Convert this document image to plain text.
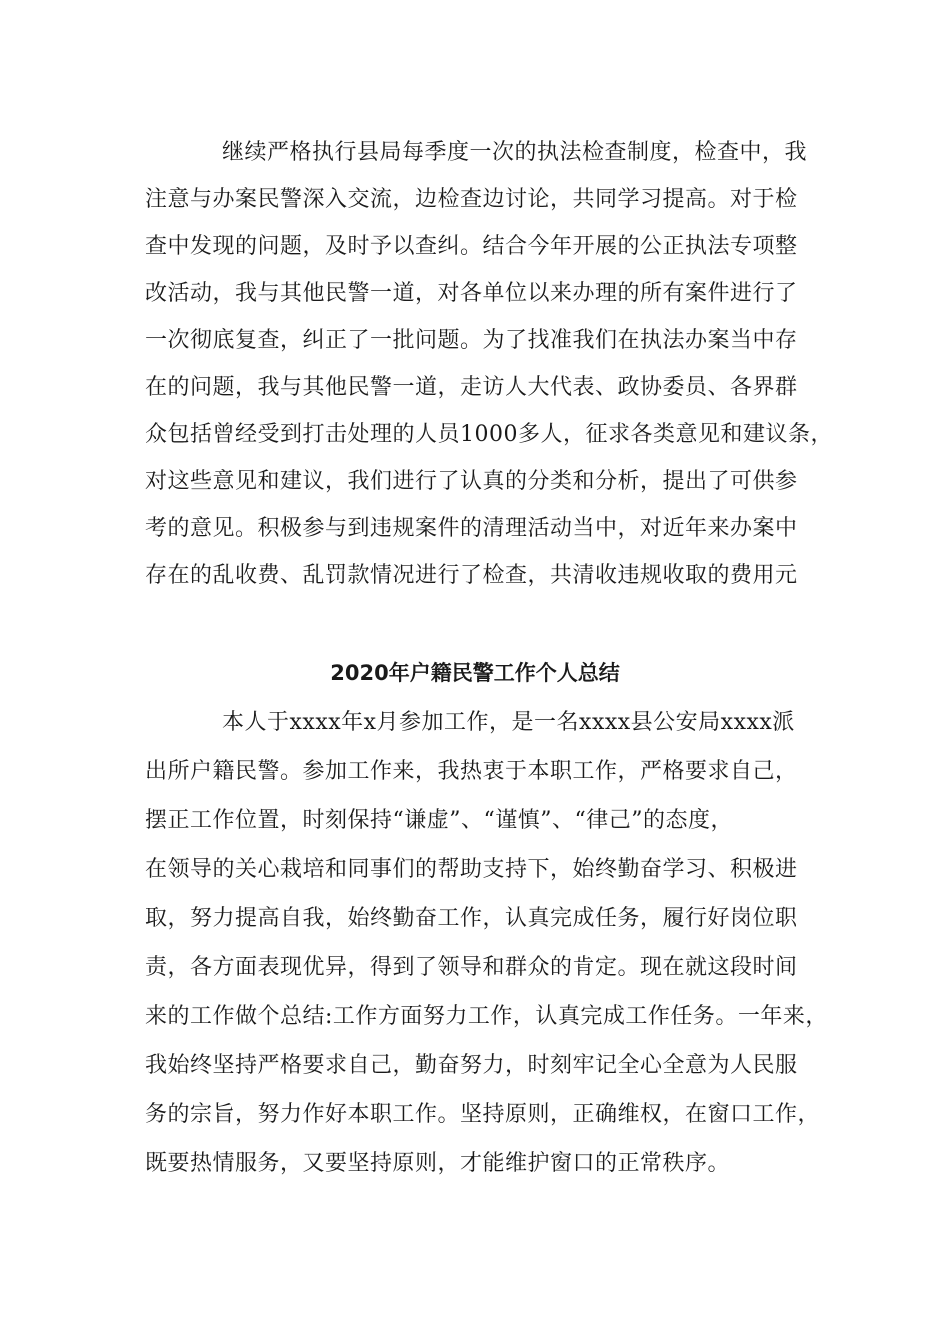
继续严格执行县局每季度一次的执法检查制度，检查中，我
注意与办案民警深入交流，边检查边讨论，共同学习提高。对于检
查中发现的问题，及时予以查纠。结合今年开展的公正执法专项整
改活动，我与其他民警一道，对各单位以来办理的所有案件进行了
一次彻底复查，纠正了一批问题。为了找准我们在执法办案当中存
在的问题，我与其他民警一道，走访人大代表、政协委员、各界群
众包括曾经受到打击处理的人员1000多人，征求各类意见和建议条，
对这些意见和建议，我们进行了认真的分类和分析，提出了可供参
考的意见。积极参与到违规案件的清理活动当中，对近年来办案中
存在的乱收费、乱罚款情况进行了检查，共清收违规收取的费用元
2020年户籍民警工作个人总结
本人于xxxx年x月参加工作，是一名xxxx县公安局xxxx派
出所户籍民警。参加工作来，我热衷于本职工作，严格要求自己，
摆正工作位置，时刻保持“谦虚”、“谨慎”、“律己”的态度，
在领导的关心栽培和同事们的帮助支持下，始终勤奋学习、积极进
取，努力提高自我，始终勤奋工作，认真完成任务，履行好岗位职
责，各方面表现优异，得到了领导和群众的肯定。现在就这段时间
来的工作做个总结:工作方面努力工作，认真完成工作任务。一年来，
我始终坚持严格要求自己，勤奋努力，时刻牢记全心全意为人民服
务的宗旨，努力作好本职工作。坚持原则，正确维权，在窗口工作，
既要热情服务，又要坚持原则，才能维护窗口的正常秩序。
